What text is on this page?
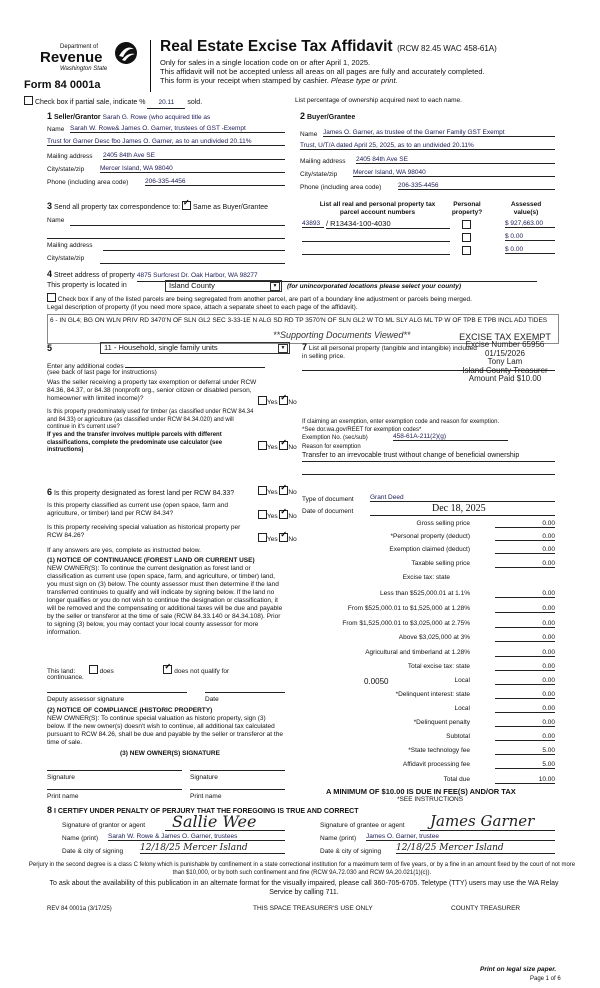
Department of
Revenue
Washington State
Form 84 0001a
Real Estate Excise Tax Affidavit (RCW 82.45 WAC 458-61A)
Only for sales in a single location code on or after April 1, 2025.
This affidavit will not be accepted unless all areas on all pages are fully and accurately completed.
This form is your receipt when stamped by cashier. Please type or print.
Check box if partial sale, indicate % 20.11 sold.	List percentage of ownership acquired next to each name.
1 Seller/Grantor Sarah G. Rowe (who acquired title as
Name Sarah W. Rowe& James O. Garner, trustees of GST -Exempt
Trust for Garner Desc fbo James O. Garner, as to an undivided 20.11%
Mailing address 2405 84th Ave SE
City/state/zip Mercer Island, WA 98040
Phone (including area code)	206-335-4456
2 Buyer/Grantee
Name James O. Garner, as trustee of the Garner Family GST Exempt
Trust, U/T/A dated April 25, 2025, as to an undivided 20.11%
Mailing address 2405 84th Ave SE
City/state/zip Mercer Island, WA 98040
Phone (including area code)	206-335-4456
3 Send all property tax correspondence to: ✓ Same as Buyer/Grantee
Name
Mailing address
City/state/zip
List all real and personal property tax parcel account numbers
Personal property?
Assessed value(s)
43893 / R13434-100-4030	$ 927,663.00
$ 0.00
$ 0.00
4 Street address of property 4875 Surfcrest Dr. Oak Harbor, WA 98277
This property is located in	Island County	▼	(for unincorporated locations please select your county)
Check box if any of the listed parcels are being segregated from another parcel, are part of a boundary line adjustment or parcels being merged.
Legal description of property (if you need more space, attach a separate sheet to each page of the affidavit).
6 - IN GL4; BG ON WLN PRIV RD 3470'N OF SLN GL2 SEC 3-33-1E N ALG SD RD TP 3570'N OF SLN GL2 W TO ML SLY ALG ML TP W OF TPB E TPB INCL ADJ TIDES
**Supporting Documents Viewed**	EXCISE TAX EXEMPT
Excise Number 65956
01/15/2026
Tony Lam
Island County Treasurer
Amount Paid $10.00
5	11 - Household, single family units	▼
Enter any additional codes
(see back of last page for instructions)
Was the seller receiving a property tax exemption or deferral under RCW 84.36, 84.37, or 84.38 (nonprofit org., senior citizen or disabled person, homeowner with limited income)?
Yes ✓ No
Is this property predominately used for timber (as classified under RCW 84.34 and 84.33) or agriculture (as classified under RCW 84.34.020) and will continue in it's current use?
If yes and the transfer involves multiple parcels with different classifications, complete the predominate use calculator (see instructions)	Yes ✓ No
6 Is this property designated as forest land per RCW 84.33?	Yes ✓ No
Is this property classified as current use (open space, farm and agriculture, or timber) land per RCW 84.34?	Yes ✓ No
Is this property receiving special valuation as historical property per RCW 84.26?
Yes ✓ No
If any answers are yes, complete as instructed below.
(1) NOTICE OF CONTINUANCE (FOREST LAND OR CURRENT USE)
NEW OWNER(S): To continue the current designation as forest land or classification as current use (open space, farm, and agriculture, or timber) land, you must sign on (3) below. The county assessor must then determine if the land transferred continues to qualify and will indicate by signing below. If the land no longer qualifies or you do not wish to continue the designation or classification, it will be removed and the compensating or additional taxes will be due and payable by the seller or transferor at the time of sale (RCW 84.33.140 or 84.34.108). Prior to signing (3) below, you may contact your local county assessor for more information.
This land:	does ✓	does not qualify for
continuance.
Deputy assessor signature	Date
(2) NOTICE OF COMPLIANCE (HISTORIC PROPERTY)
NEW OWNER(S): To continue special valuation as historic property, sign (3) below. If the new owner(s) doesn't wish to continue, all additional tax calculated pursuant to RCW 84.26, shall be due and payable by the seller or transferor at the time of sale.
(3) NEW OWNER(S) SIGNATURE
Signature	Signature
Print name	Print name
7 List all personal property (tangible and intangible) included in selling price.
If claiming an exemption, enter exemption code and reason for exemption. *See dor.wa.gov/REET for exemption codes*
Exemption No. (sec/sub)	458-61A-211(2)(g)
Reason for exemption
Transfer to an irrevocable trust without change of beneficial ownership
Type of document	Grant Deed
Date of document	Dec 18, 2025
Gross selling price	0.00
*Personal property (deduct)	0.00
Exemption claimed (deduct)	0.00
Taxable selling price	0.00
Excise tax: state
Less than $525,000.01 at 1.1%	0.00
From $525,000.01 to $1,525,000 at 1.28%	0.00
From $1,525,000.01 to $3,025,000 at 2.75%	0.00
Above $3,025,000 at 3%	0.00
Agricultural and timberland at 1.28%	0.00
Total excise tax: state	0.00
0.0050	Local	0.00
*Delinquent interest: state	0.00
Local	0.00
*Delinquent penalty	0.00
Subtotal	0.00
*State technology fee	5.00
Affidavit processing fee	5.00
Total due	10.00
A MINIMUM OF $10.00 IS DUE IN FEE(S) AND/OR TAX
*SEE INSTRUCTIONS
8 I CERTIFY UNDER PENALTY OF PERJURY THAT THE FOREGOING IS TRUE AND CORRECT
Signature of grantor or agent Sallie Wee
Name (print) Sarah W. Rowe & James O. Garner, trustees
Date & city of signing 12/18/25 Mercer Island
Signature of grantee or agent James Garner
Name (print) James O. Garner, trustee
Date & city of signing 12/18/25 Mercer Island
Perjury in the second degree is a class C felony which is punishable by confinement in a state correctional institution for a maximum term of five years, or by a fine in an amount fixed by the court of not more than $10,000, or by both such confinement and fine (RCW 9A.72.030 and RCW 9A.20.021(1)(c)).
To ask about the availability of this publication in an alternate format for the visually impaired, please call 360-705-6705. Teletype (TTY) users may use the WA Relay Service by calling 711.
REV 84 0001a (3/17/25)	THIS SPACE TREASURER'S USE ONLY	COUNTY TREASURER
Print on legal size paper.
Page 1 of 6
